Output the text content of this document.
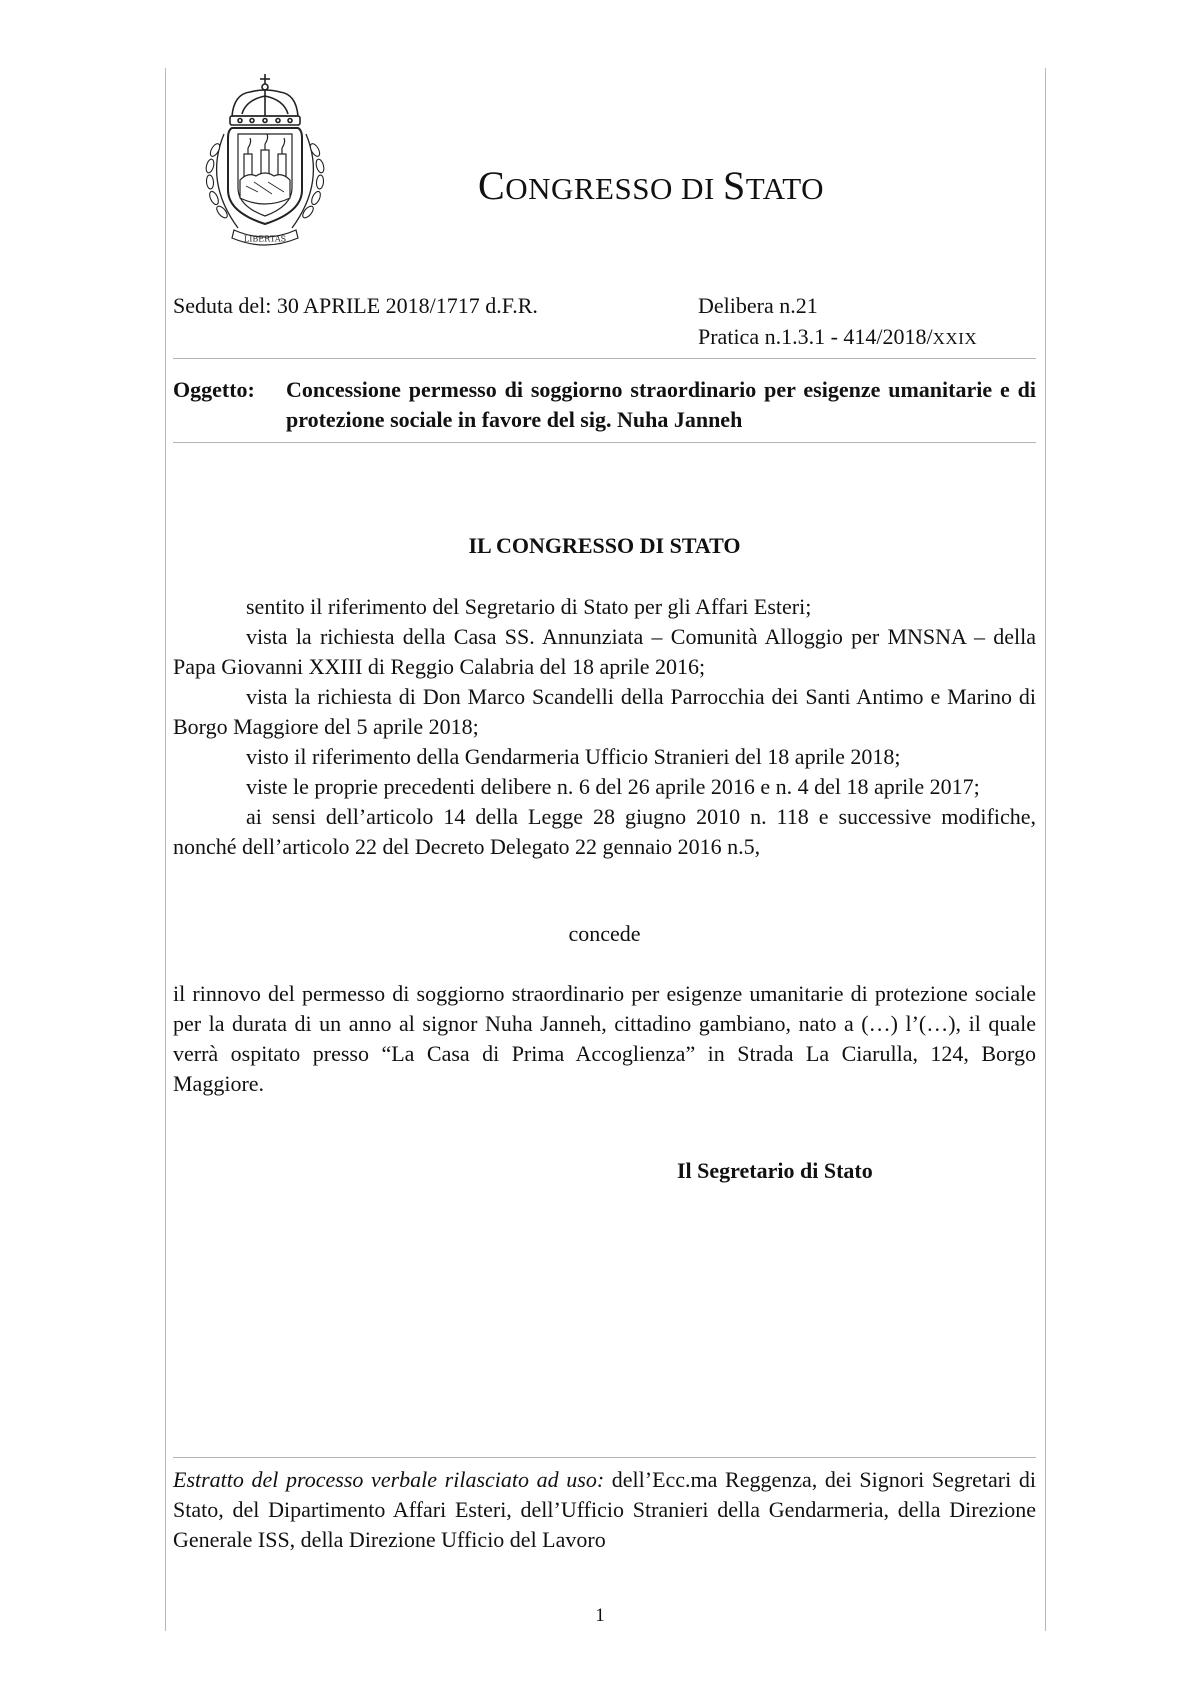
LIBERTAS
CONGRESSO DI STATO
Seduta del: 30 APRILE 2018/1717 d.F.R.	Delibera n.21
Pratica n.1.3.1 - 414/2018/XXIX
Oggetto: Concessione permesso di soggiorno straordinario per esigenze umanitarie e di protezione sociale in favore del sig. Nuha Janneh
IL CONGRESSO DI STATO

sentito il riferimento del Segretario di Stato per gli Affari Esteri;

vista la richiesta della Casa SS. Annunziata – Comunità Alloggio per MNSNA – della Papa Giovanni XXIII di Reggio Calabria del 18 aprile 2016;

vista la richiesta di Don Marco Scandelli della Parrocchia dei Santi Antimo e Marino di Borgo Maggiore del 5 aprile 2018;

visto il riferimento della Gendarmeria Ufficio Stranieri del 18 aprile 2018;

viste le proprie precedenti delibere n. 6 del 26 aprile 2016 e n. 4 del 18 aprile 2017;

ai sensi dell’articolo 14 della Legge 28 giugno 2010 n. 118 e successive modifiche, nonché dell’articolo 22 del Decreto Delegato 22 gennaio 2016 n.5,

concede

il rinnovo del permesso di soggiorno straordinario per esigenze umanitarie di protezione sociale per la durata di un anno al signor Nuha Janneh, cittadino gambiano, nato a (…) l’(…), il quale verrà ospitato presso “La Casa di Prima Accoglienza” in Strada La Ciarulla, 124, Borgo Maggiore.

Il Segretario di Stato

Estratto del processo verbale rilasciato ad uso: dell’Ecc.ma Reggenza, dei Signori Segretari di Stato, del Dipartimento Affari Esteri, dell’Ufficio Stranieri della Gendarmeria, della Direzione Generale ISS, della Direzione Ufficio del Lavoro

1
